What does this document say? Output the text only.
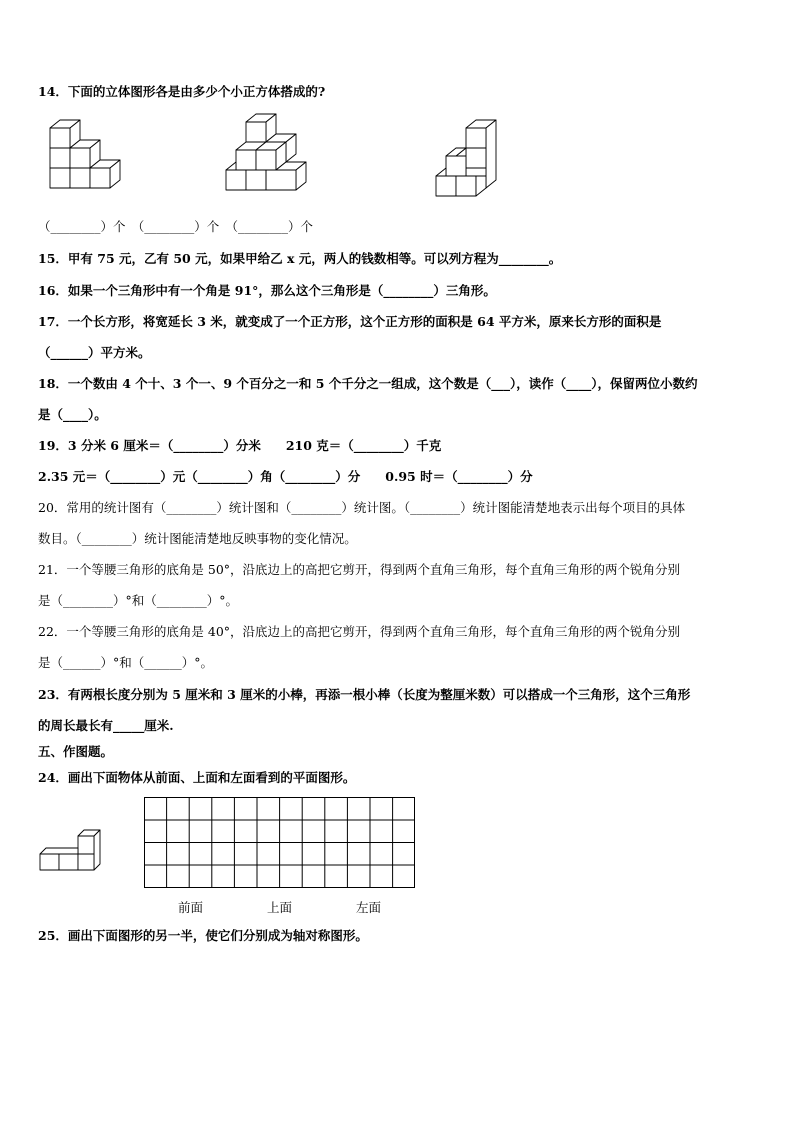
14．下面的立体图形各是由多少个小正方体搭成的?
（________）个　（________）个　（________）个
15．甲有 75 元，乙有 50 元，如果甲给乙 x 元，两人的钱数相等。可以列方程为________。
16．如果一个三角形中有一个角是 91°，那么这个三角形是（________）三角形。
17．一个长方形，将宽延长 3 米，就变成了一个正方形，这个正方形的面积是 64 平方米，原来长方形的面积是
（______）平方米。
18．一个数由 4 个十、3 个一、9 个百分之一和 5 个千分之一组成，这个数是（___），读作（____），保留两位小数约
是（____）。
19．3 分米 6 厘米＝（________）分米　　210 克＝（________）千克
2.35 元＝（________）元（________）角（________）分　　0.95 时＝（________）分
20．常用的统计图有（________）统计图和（________）统计图。（________）统计图能清楚地表示出每个项目的具体
数目。（________）统计图能清楚地反映事物的变化情况。
21．一个等腰三角形的底角是 50°，沿底边上的高把它剪开，得到两个直角三角形，每个直角三角形的两个锐角分别
是（________）°和（________）°。
22．一个等腰三角形的底角是 40°，沿底边上的高把它剪开，得到两个直角三角形，每个直角三角形的两个锐角分别
是（______）°和（______）°。
23．有两根长度分别为 5 厘米和 3 厘米的小棒，再添一根小棒（长度为整厘米数）可以搭成一个三角形，这个三角形
的周长最长有_____厘米.
五、作图题。
24．画出下面物体从前面、上面和左面看到的平面图形。
前面	上面	左面
25．画出下面图形的另一半，使它们分别成为轴对称图形。
